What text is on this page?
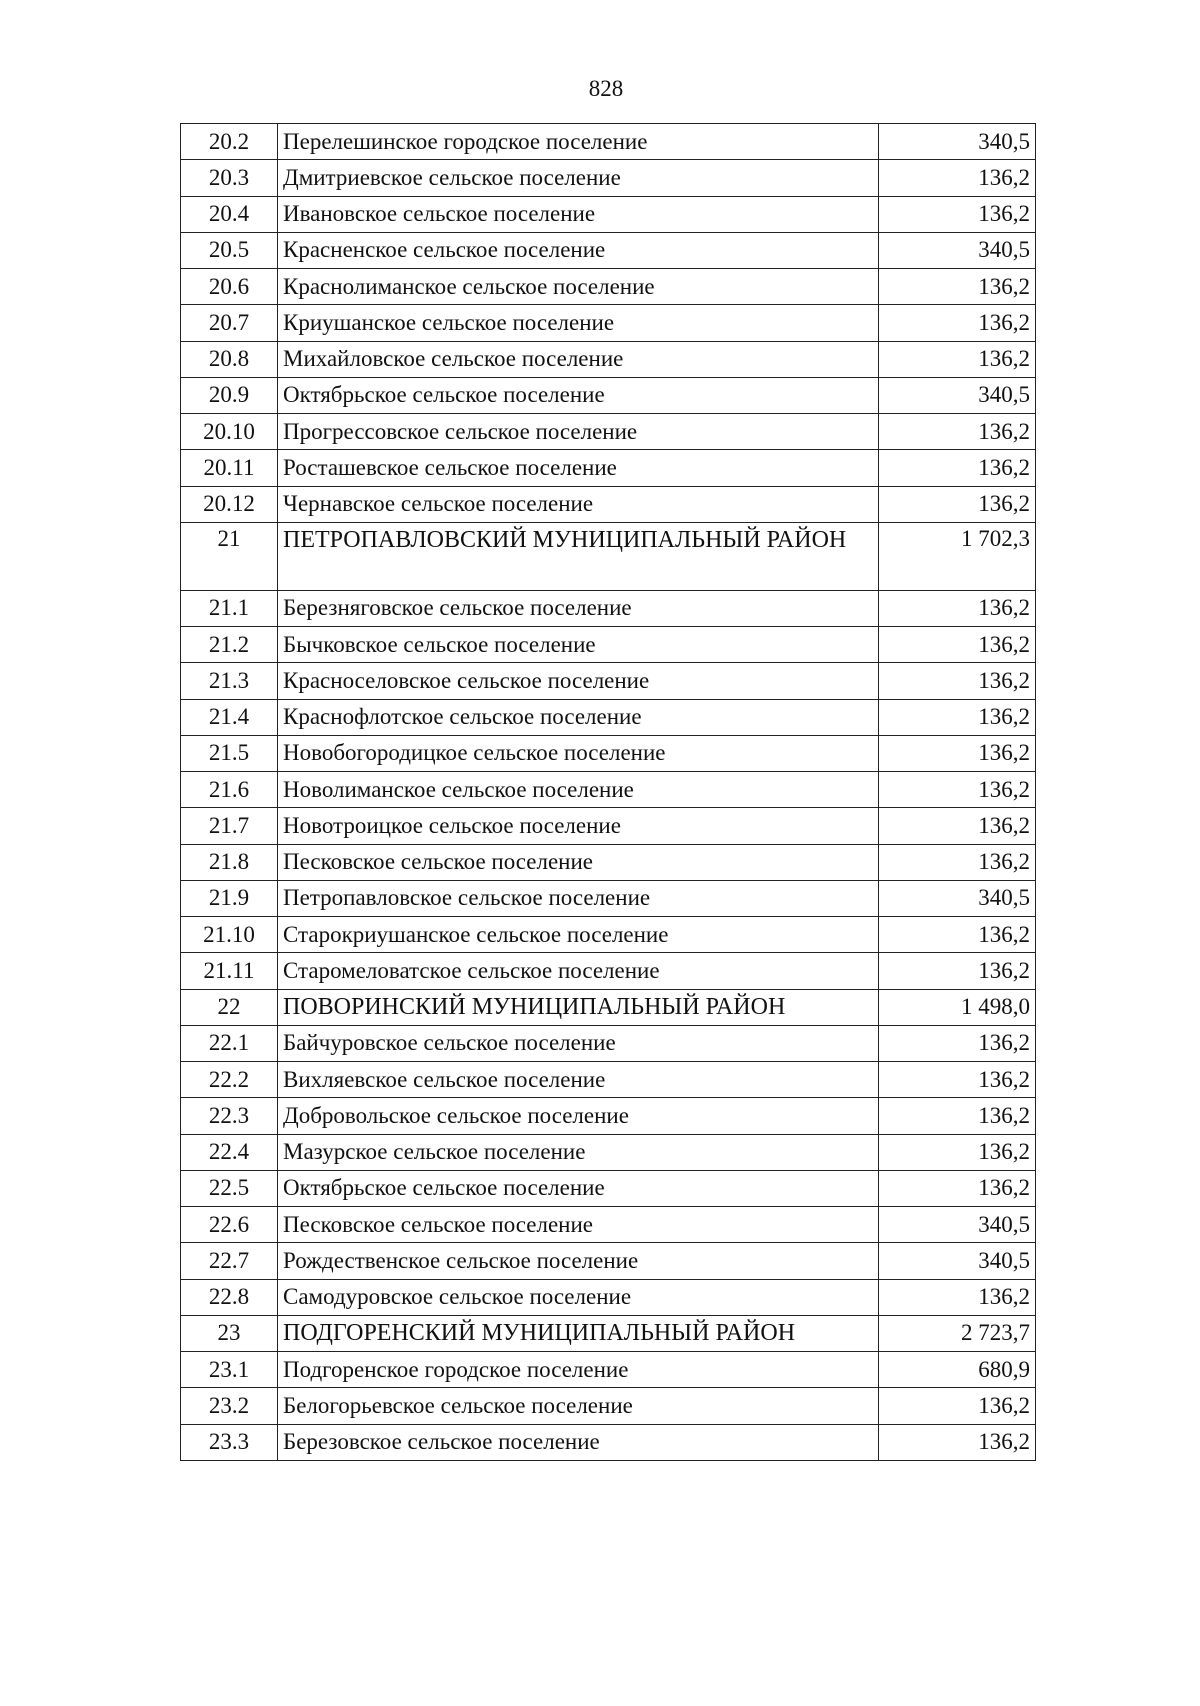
828
20.2	Перелешинское городское поселение	340,5
20.3	Дмитриевское сельское поселение	136,2
20.4	Ивановское сельское поселение	136,2
20.5	Красненское сельское поселение	340,5
20.6	Краснолиманское сельское поселение	136,2
20.7	Криушанское сельское поселение	136,2
20.8	Михайловское сельское поселение	136,2
20.9	Октябрьское сельское поселение	340,5
20.10	Прогрессовское сельское поселение	136,2
20.11	Росташевское сельское поселение	136,2
20.12	Чернавское сельское поселение	136,2
21	ПЕТРОПАВЛОВСКИЙ МУНИЦИПАЛЬНЫЙ РАЙОН	1 702,3
21.1	Березняговское сельское поселение	136,2
21.2	Бычковское сельское поселение	136,2
21.3	Красноселовское сельское поселение	136,2
21.4	Краснофлотское сельское поселение	136,2
21.5	Новобогородицкое сельское поселение	136,2
21.6	Новолиманское сельское поселение	136,2
21.7	Новотроицкое сельское поселение	136,2
21.8	Песковское сельское поселение	136,2
21.9	Петропавловское сельское поселение	340,5
21.10	Старокриушанское сельское поселение	136,2
21.11	Старомеловатское сельское поселение	136,2
22	ПОВОРИНСКИЙ МУНИЦИПАЛЬНЫЙ РАЙОН	1 498,0
22.1	Байчуровское сельское поселение	136,2
22.2	Вихляевское сельское поселение	136,2
22.3	Добровольское сельское поселение	136,2
22.4	Мазурское сельское поселение	136,2
22.5	Октябрьское сельское поселение	136,2
22.6	Песковское сельское поселение	340,5
22.7	Рождественское сельское поселение	340,5
22.8	Самодуровское сельское поселение	136,2
23	ПОДГОРЕНСКИЙ МУНИЦИПАЛЬНЫЙ РАЙОН	2 723,7
23.1	Подгоренское городское поселение	680,9
23.2	Белогорьевское сельское поселение	136,2
23.3	Березовское сельское поселение	136,2
